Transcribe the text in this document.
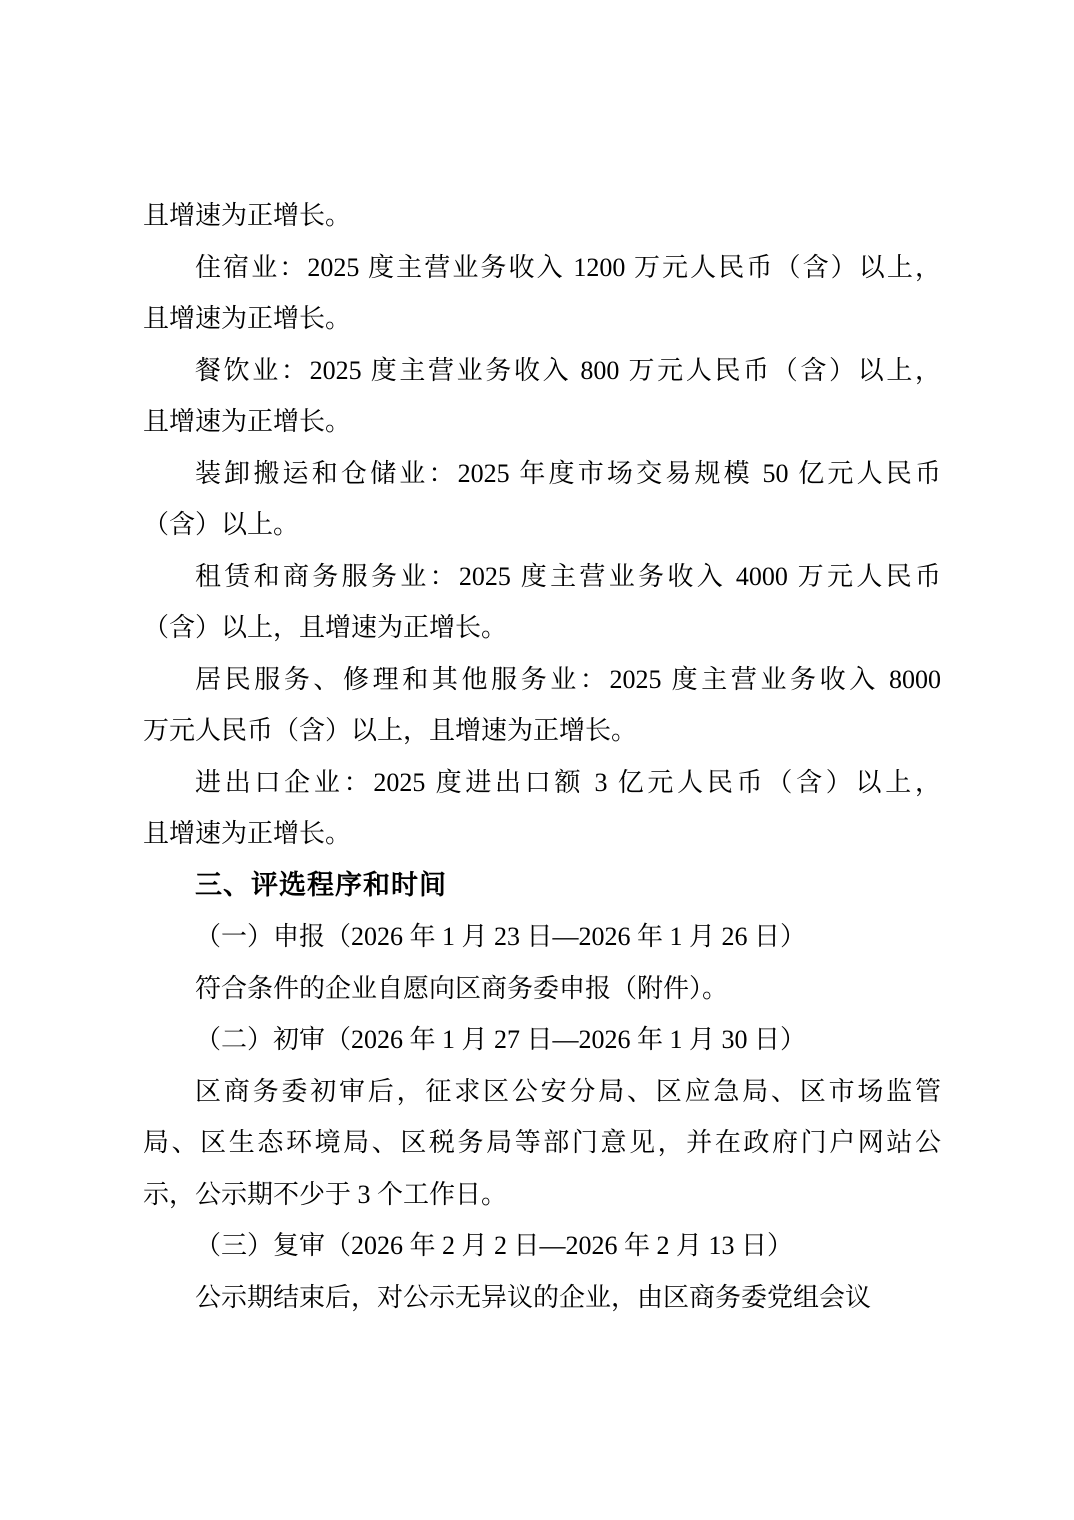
且增速为正增长。
住宿业：2025 度主营业务收入 1200 万元人民币（含）以上，
且增速为正增长。
餐饮业：2025 度主营业务收入 800 万元人民币（含）以上，
且增速为正增长。
装卸搬运和仓储业：2025 年度市场交易规模 50 亿元人民币
（含）以上。
租赁和商务服务业：2025 度主营业务收入 4000 万元人民币
（含）以上，且增速为正增长。
居民服务、修理和其他服务业：2025 度主营业务收入 8000
万元人民币（含）以上，且增速为正增长。
进出口企业：2025 度进出口额 3 亿元人民币（含）以上，
且增速为正增长。
三、评选程序和时间
（一）申报（2026 年 1 月 23 日—2026 年 1 月 26 日）
符合条件的企业自愿向区商务委申报（附件）。
（二）初审（2026 年 1 月 27 日—2026 年 1 月 30 日）
区商务委初审后，征求区公安分局、区应急局、区市场监管
局、区生态环境局、区税务局等部门意见，并在政府门户网站公
示，公示期不少于 3 个工作日。
（三）复审（2026 年 2 月 2 日—2026 年 2 月 13 日）
公示期结束后，对公示无异议的企业，由区商务委党组会议
